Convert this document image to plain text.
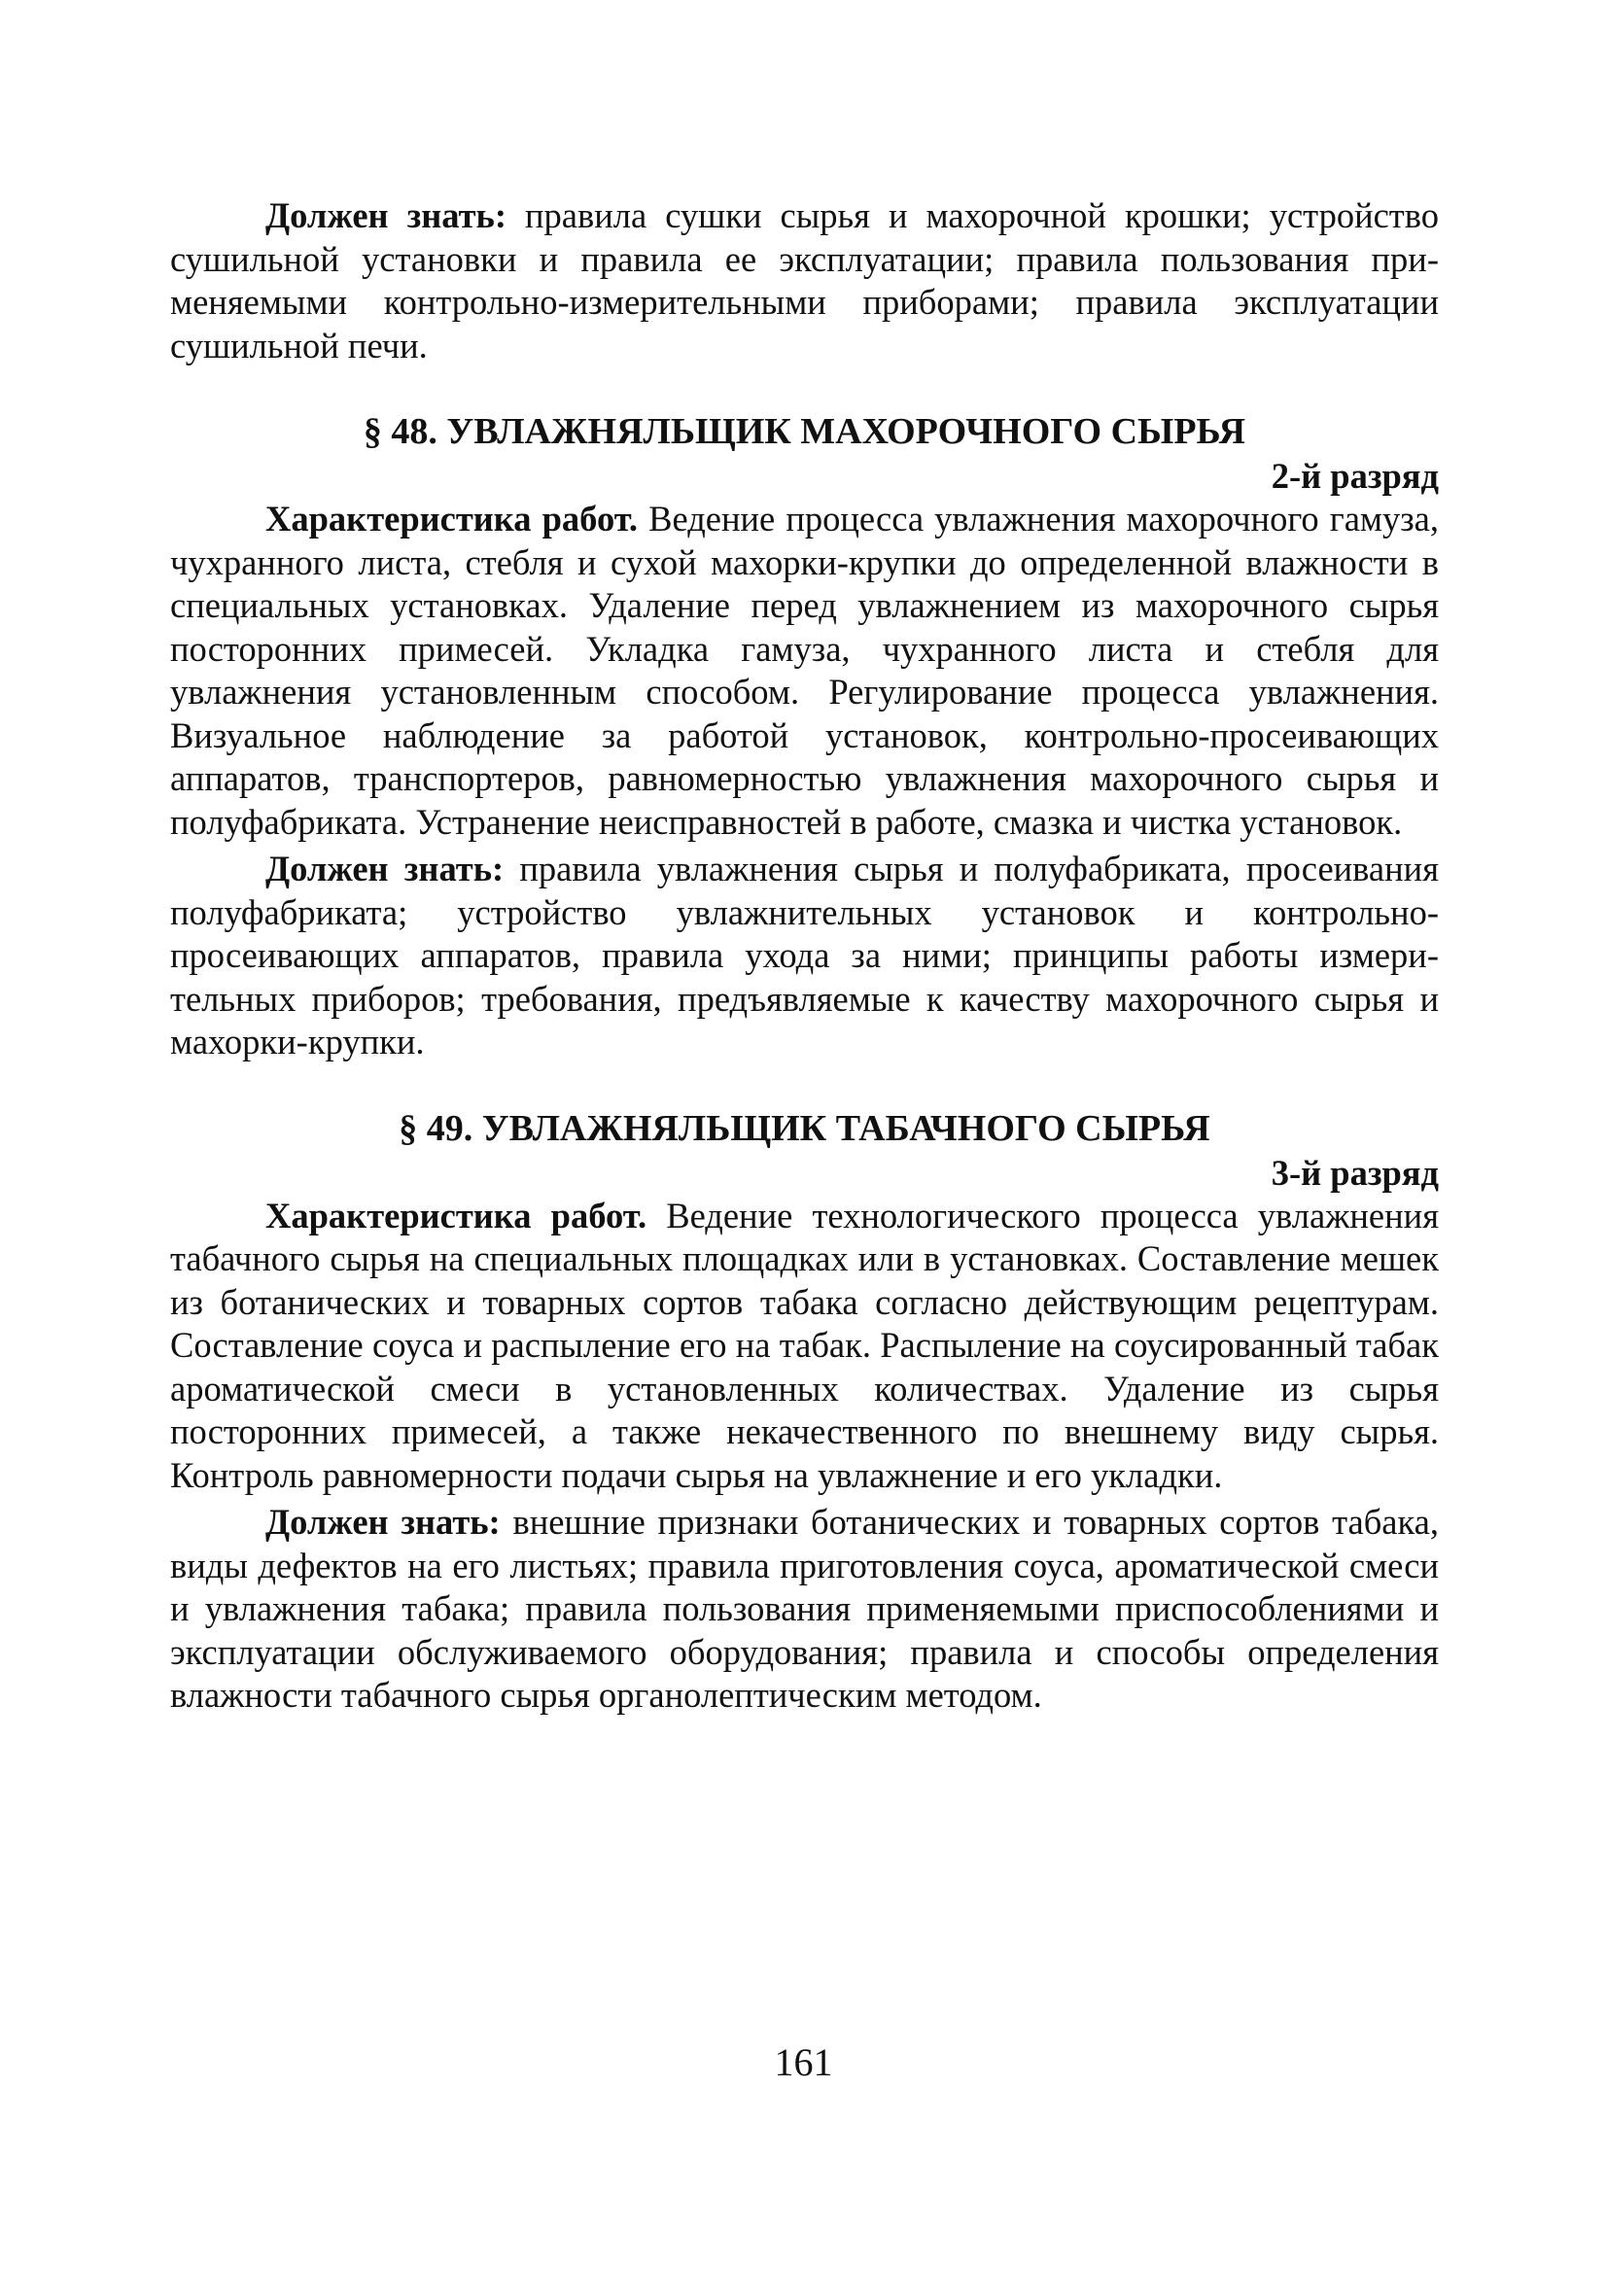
Должен знать: правила сушки сырья и махорочной крошки; устройство сушильной установки и правила ее эксплуатации; правила пользования применяемыми контрольно-измерительными приборами; правила эксплуатации сушильной печи.

§ 48. УВЛАЖНЯЛЬЩИК МАХОРОЧНОГО СЫРЬЯ
2-й разряд

Характеристика работ. Ведение процесса увлажнения махорочного гамуза, чухранного листа, стебля и сухой махорки-крупки до определенной влажности в специальных установках. Удаление перед увлажнением из махорочного сырья посторонних примесей. Укладка гамуза, чухранного листа и стебля для увлажнения установленным способом. Регулирование процесса увлажнения. Визуальное наблюдение за работой установок, контрольно-просеивающих аппаратов, транспортеров, равномерностью увлажнения махорочного сырья и полуфабриката. Устранение неисправностей в работе, смазка и чистка установок.

Должен знать: правила увлажнения сырья и полуфабриката, просеивания полуфабриката; устройство увлажнительных установок и контрольно-просеивающих аппаратов, правила ухода за ними; принципы работы измерительных приборов; требования, предъявляемые к качеству махорочного сырья и махорки-крупки.

§ 49. УВЛАЖНЯЛЬЩИК ТАБАЧНОГО СЫРЬЯ
3-й разряд

Характеристика работ. Ведение технологического процесса увлажнения табачного сырья на специальных площадках или в установках. Составление мешек из ботанических и товарных сортов табака согласно действующим рецептурам. Составление соуса и распыление его на табак. Распыление на соусированный табак ароматической смеси в установленных количествах. Удаление из сырья посторонних примесей, а также некачественного по внешнему виду сырья. Контроль равномерности подачи сырья на увлажнение и его укладки.

Должен знать: внешние признаки ботанических и товарных сортов табака, виды дефектов на его листьях; правила приготовления соуса, ароматической смеси и увлажнения табака; правила пользования применяемыми приспособлениями и эксплуатации обслуживаемого оборудования; правила и способы определения влажности табачного сырья органолептическим методом.

161
